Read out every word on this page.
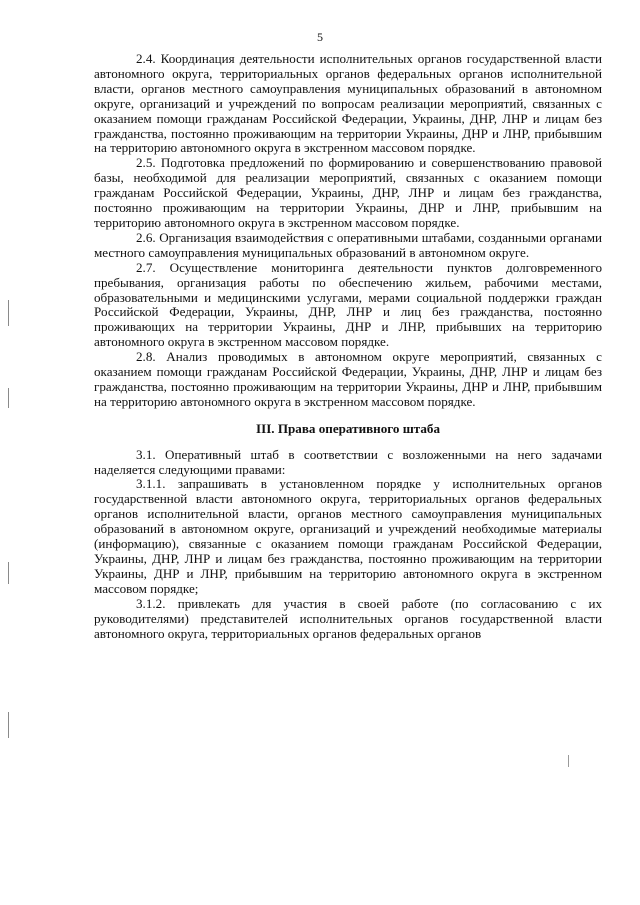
5

2.4. Координация деятельности исполнительных органов государственной власти автономного округа, территориальных органов федеральных органов исполнительной власти, органов местного самоуправления муниципальных образований в автономном округе, организаций и учреждений по вопросам реализации мероприятий, связанных с оказанием помощи гражданам Российской Федерации, Украины, ДНР, ЛНР и лицам без гражданства, постоянно проживающим на территории Украины, ДНР и ЛНР, прибывшим на территорию автономного округа в экстренном массовом порядке.

2.5. Подготовка предложений по формированию и совершенствованию правовой базы, необходимой для реализации мероприятий, связанных с оказанием помощи гражданам Российской Федерации, Украины, ДНР, ЛНР и лицам без гражданства, постоянно проживающим на территории Украины, ДНР и ЛНР, прибывшим на территорию автономного округа в экстренном массовом порядке.

2.6. Организация взаимодействия с оперативными штабами, созданными органами местного самоуправления муниципальных образований в автономном округе.

2.7. Осуществление мониторинга деятельности пунктов долговременного пребывания, организация работы по обеспечению жильем, рабочими местами, образовательными и медицинскими услугами, мерами социальной поддержки граждан Российской Федерации, Украины, ДНР, ЛНР и лиц без гражданства, постоянно проживающих на территории Украины, ДНР и ЛНР, прибывших на территорию автономного округа в экстренном массовом порядке.

2.8. Анализ проводимых в автономном округе мероприятий, связанных с оказанием помощи гражданам Российской Федерации, Украины, ДНР, ЛНР и лицам без гражданства, постоянно проживающим на территории Украины, ДНР и ЛНР, прибывшим на территорию автономного округа в экстренном массовом порядке.

III. Права оперативного штаба

3.1. Оперативный штаб в соответствии с возложенными на него задачами наделяется следующими правами:

3.1.1. запрашивать в установленном порядке у исполнительных органов государственной власти автономного округа, территориальных органов федеральных органов исполнительной власти, органов местного самоуправления муниципальных образований в автономном округе, организаций и учреждений необходимые материалы (информацию), связанные с оказанием помощи гражданам Российской Федерации, Украины, ДНР, ЛНР и лицам без гражданства, постоянно проживающим на территории Украины, ДНР и ЛНР, прибывшим на территорию автономного округа в экстренном массовом порядке;

3.1.2. привлекать для участия в своей работе (по согласованию с их руководителями) представителей исполнительных органов государственной власти автономного округа, территориальных органов федеральных органов
